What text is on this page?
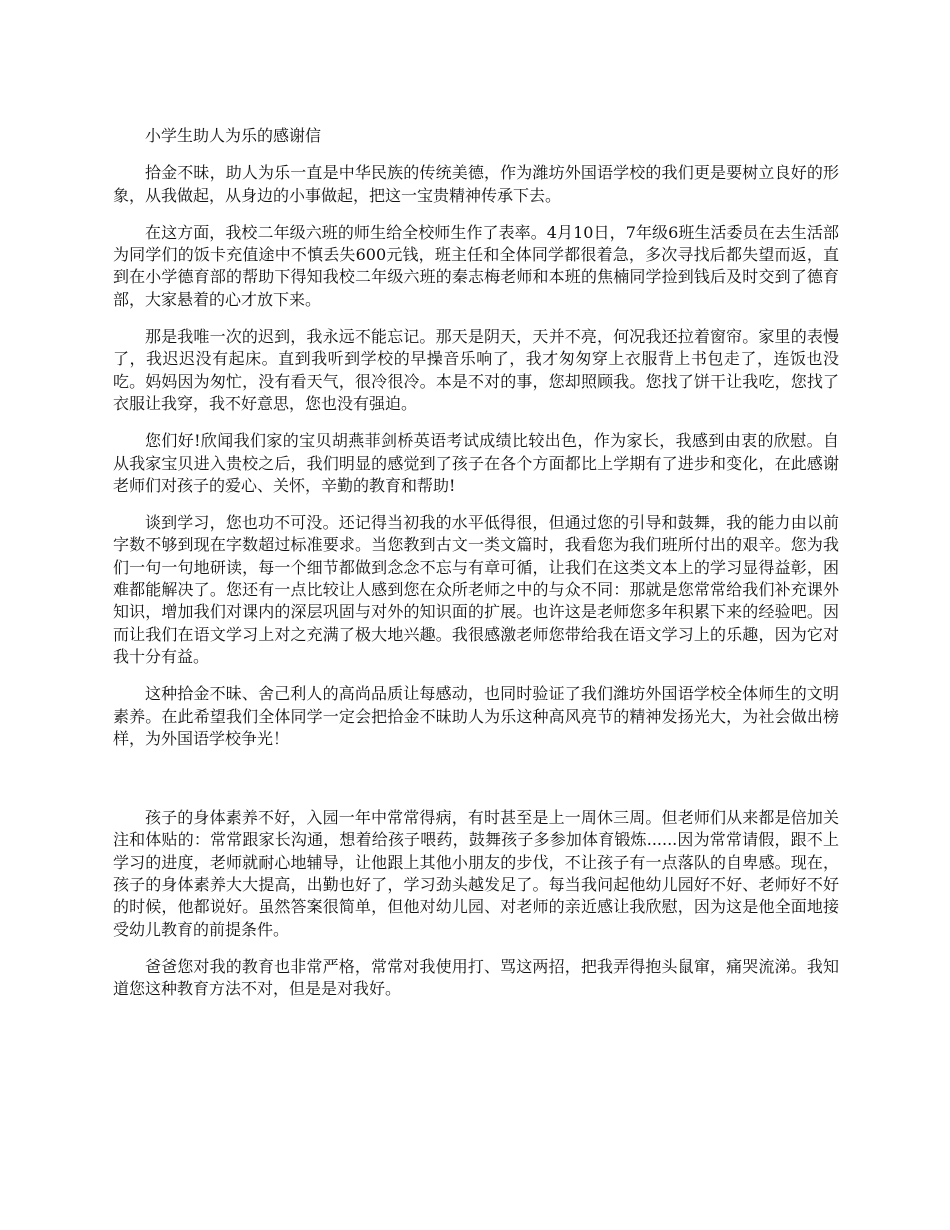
小学生助人为乐的感谢信

拾金不昧，助人为乐一直是中华民族的传统美德，作为潍坊外国语学校的我们更是要树立良好的形象，从我做起，从身边的小事做起，把这一宝贵精神传承下去。

在这方面，我校二年级六班的师生给全校师生作了表率。4月10日，7年级6班生活委员在去生活部为同学们的饭卡充值途中不慎丢失600元钱，班主任和全体同学都很着急，多次寻找后都失望而返，直到在小学德育部的帮助下得知我校二年级六班的秦志梅老师和本班的焦楠同学捡到钱后及时交到了德育部，大家悬着的心才放下来。

那是我唯一次的迟到，我永远不能忘记。那天是阴天，天并不亮，何况我还拉着窗帘。家里的表慢了，我迟迟没有起床。直到我听到学校的早操音乐响了，我才匆匆穿上衣服背上书包走了，连饭也没吃。妈妈因为匆忙，没有看天气，很冷很冷。本是不对的事，您却照顾我。您找了饼干让我吃，您找了衣服让我穿，我不好意思，您也没有强迫。

您们好!欣闻我们家的宝贝胡燕菲剑桥英语考试成绩比较出色，作为家长，我感到由衷的欣慰。自从我家宝贝进入贵校之后，我们明显的感觉到了孩子在各个方面都比上学期有了进步和变化，在此感谢老师们对孩子的爱心、关怀，辛勤的教育和帮助!

谈到学习，您也功不可没。还记得当初我的水平低得很，但通过您的引导和鼓舞，我的能力由以前字数不够到现在字数超过标准要求。当您教到古文一类文篇时，我看您为我们班所付出的艰辛。您为我们一句一句地研读，每一个细节都做到念念不忘与有章可循，让我们在这类文本上的学习显得益彰，困难都能解决了。您还有一点比较让人感到您在众所老师之中的与众不同：那就是您常常给我们补充课外知识，增加我们对课内的深层巩固与对外的知识面的扩展。也许这是老师您多年积累下来的经验吧。因而让我们在语文学习上对之充满了极大地兴趣。我很感激老师您带给我在语文学习上的乐趣，因为它对我十分有益。

这种拾金不昧、舍己利人的高尚品质让每感动，也同时验证了我们潍坊外国语学校全体师生的文明素养。在此希望我们全体同学一定会把拾金不昧助人为乐这种高风亮节的精神发扬光大，为社会做出榜样，为外国语学校争光！

孩子的身体素养不好，入园一年中常常得病，有时甚至是上一周休三周。但老师们从来都是倍加关注和体贴的：常常跟家长沟通，想着给孩子喂药，鼓舞孩子多参加体育锻炼......因为常常请假，跟不上学习的进度，老师就耐心地辅导，让他跟上其他小朋友的步伐，不让孩子有一点落队的自卑感。现在，孩子的身体素养大大提高，出勤也好了，学习劲头越发足了。每当我问起他幼儿园好不好、老师好不好的时候，他都说好。虽然答案很简单，但他对幼儿园、对老师的亲近感让我欣慰，因为这是他全面地接受幼儿教育的前提条件。

爸爸您对我的教育也非常严格，常常对我使用打、骂这两招，把我弄得抱头鼠窜，痛哭流涕。我知道您这种教育方法不对，但是是对我好。
